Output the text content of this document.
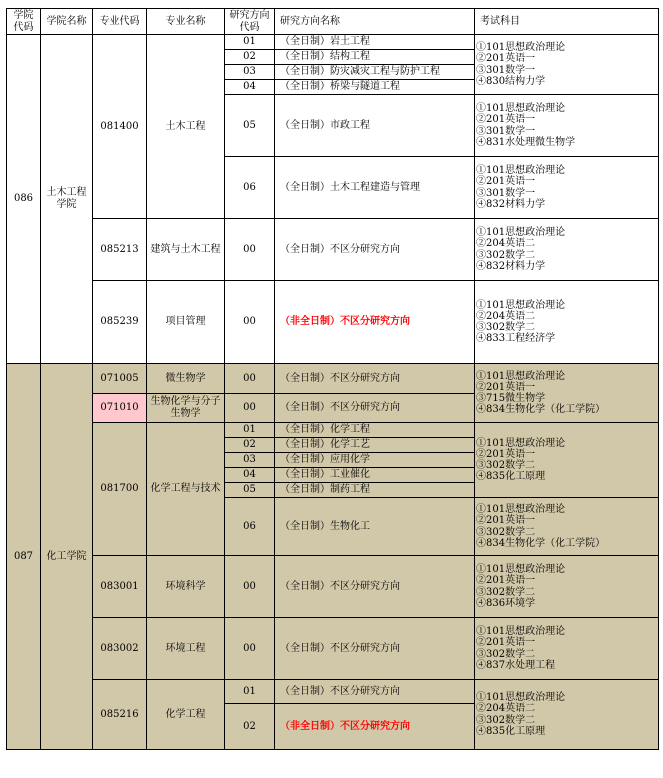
学院代码	学院名称	专业代码	专业名称	研究方向代码	研究方向名称	考试科目
086	土木工程学院	081400	土木工程	01	（全日制）岩土工程	①101思想政治理论
②201英语一
③301数学一
④830结构力学
				02	（全日制）结构工程	
				03	（全日制）防灾减灾工程与防护工程	
				04	（全日制）桥梁与隧道工程	
				05	（全日制）市政工程	①101思想政治理论
②201英语一
③301数学一
④831水处理微生物学
				06	（全日制）土木工程建造与管理	①101思想政治理论
②201英语一
③301数学一
④832材料力学
		085213	建筑与土木工程	00	（全日制）不区分研究方向	①101思想政治理论
②204英语二
③302数学二
④832材料力学
		085239	项目管理	00	（非全日制）不区分研究方向	①101思想政治理论
②204英语二
③302数学二
④833工程经济学

087	化工学院	071005	微生物学	00	（全日制）不区分研究方向	①101思想政治理论
②201英语一
③715微生物学
④834生物化学（化工学院）
		071010	生物化学与分子生物学	00	（全日制）不区分研究方向	
		081700	化学工程与技术	01	（全日制）化学工程	①101思想政治理论
②201英语一
③302数学二
④835化工原理
				02	（全日制）化学工艺	
				03	（全日制）应用化学	
				04	（全日制）工业催化	
				05	（全日制）制药工程	
				06	（全日制）生物化工	①101思想政治理论
②201英语一
③302数学二
④834生物化学（化工学院）
		083001	环境科学	00	（全日制）不区分研究方向	①101思想政治理论
②201英语一
③302数学二
④836环境学
		083002	环境工程	00	（全日制）不区分研究方向	①101思想政治理论
②201英语一
③302数学二
④837水处理工程
		085216	化学工程	01	（全日制）不区分研究方向	①101思想政治理论
②204英语二
③302数学二
④835化工原理
				02	（非全日制）不区分研究方向	
